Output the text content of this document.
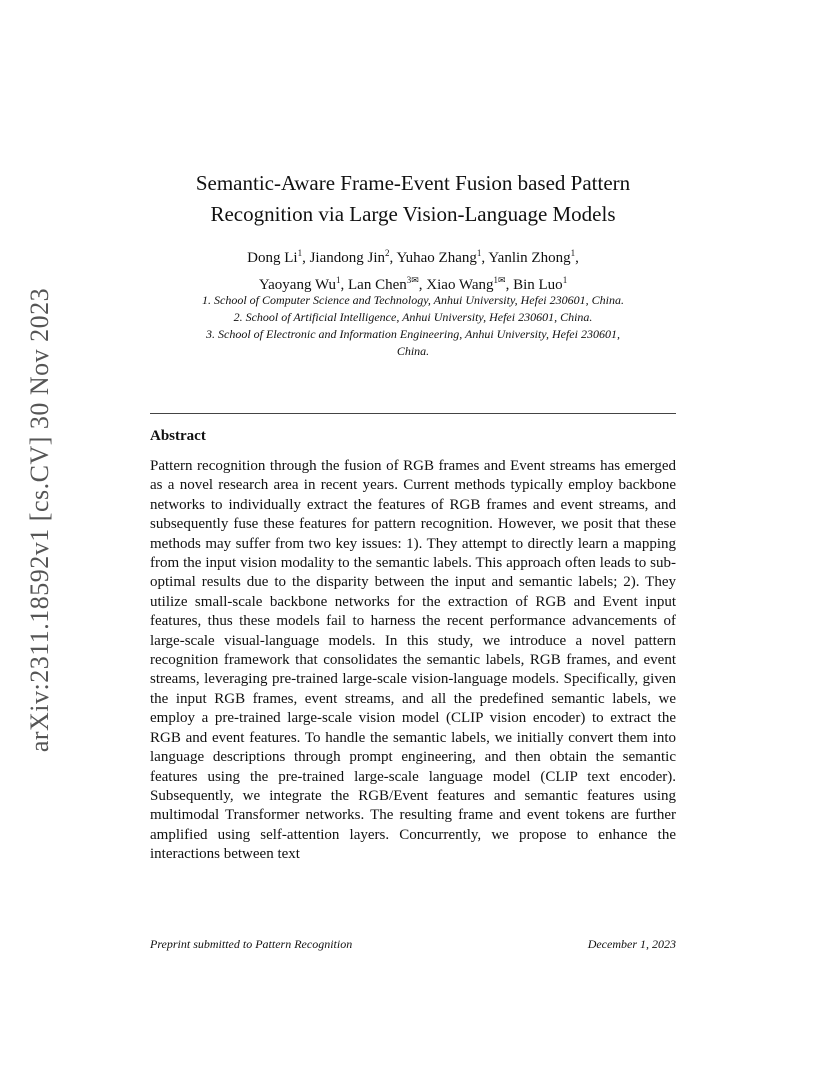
arXiv:2311.18592v1 [cs.CV] 30 Nov 2023
Semantic-Aware Frame-Event Fusion based Pattern
Recognition via Large Vision-Language Models
Dong Li$^1$, Jiandong Jin$^2$, Yuhao Zhang$^1$, Yanlin Zhong$^1$,
Yaoyang Wu$^1$, Lan Chen$^{3✉}$, Xiao Wang$^{1✉}$, Bin Luo$^1$
1. School of Computer Science and Technology, Anhui University, Hefei 230601, China.
2. School of Artificial Intelligence, Anhui University, Hefei 230601, China.
3. School of Electronic and Information Engineering, Anhui University, Hefei 230601,
China.
Abstract
Pattern recognition through the fusion of RGB frames and Event streams has emerged as a novel research area in recent years. Current methods typically employ backbone networks to individually extract the features of RGB frames and event streams, and subsequently fuse these features for pattern recognition. However, we posit that these methods may suffer from two key issues: 1). They attempt to directly learn a mapping from the input vision modality to the semantic labels. This approach often leads to sub-optimal results due to the disparity between the input and semantic labels; 2). They utilize small-scale backbone networks for the extraction of RGB and Event input features, thus these models fail to harness the recent performance advancements of large-scale visual-language models. In this study, we introduce a novel pattern recognition framework that consolidates the semantic labels, RGB frames, and event streams, leveraging pre-trained large-scale vision-language models. Specifically, given the input RGB frames, event streams, and all the predefined semantic labels, we employ a pre-trained large-scale vision model (CLIP vision encoder) to extract the RGB and event features. To handle the semantic labels, we initially convert them into language descriptions through prompt engineering, and then obtain the semantic features using the pre-trained large-scale language model (CLIP text encoder). Subsequently, we integrate the RGB/Event features and semantic features using multimodal Transformer networks. The resulting frame and event tokens are further amplified using self-attention layers. Concurrently, we propose to enhance the interactions between text
Preprint submitted to Pattern Recognition	December 1, 2023
